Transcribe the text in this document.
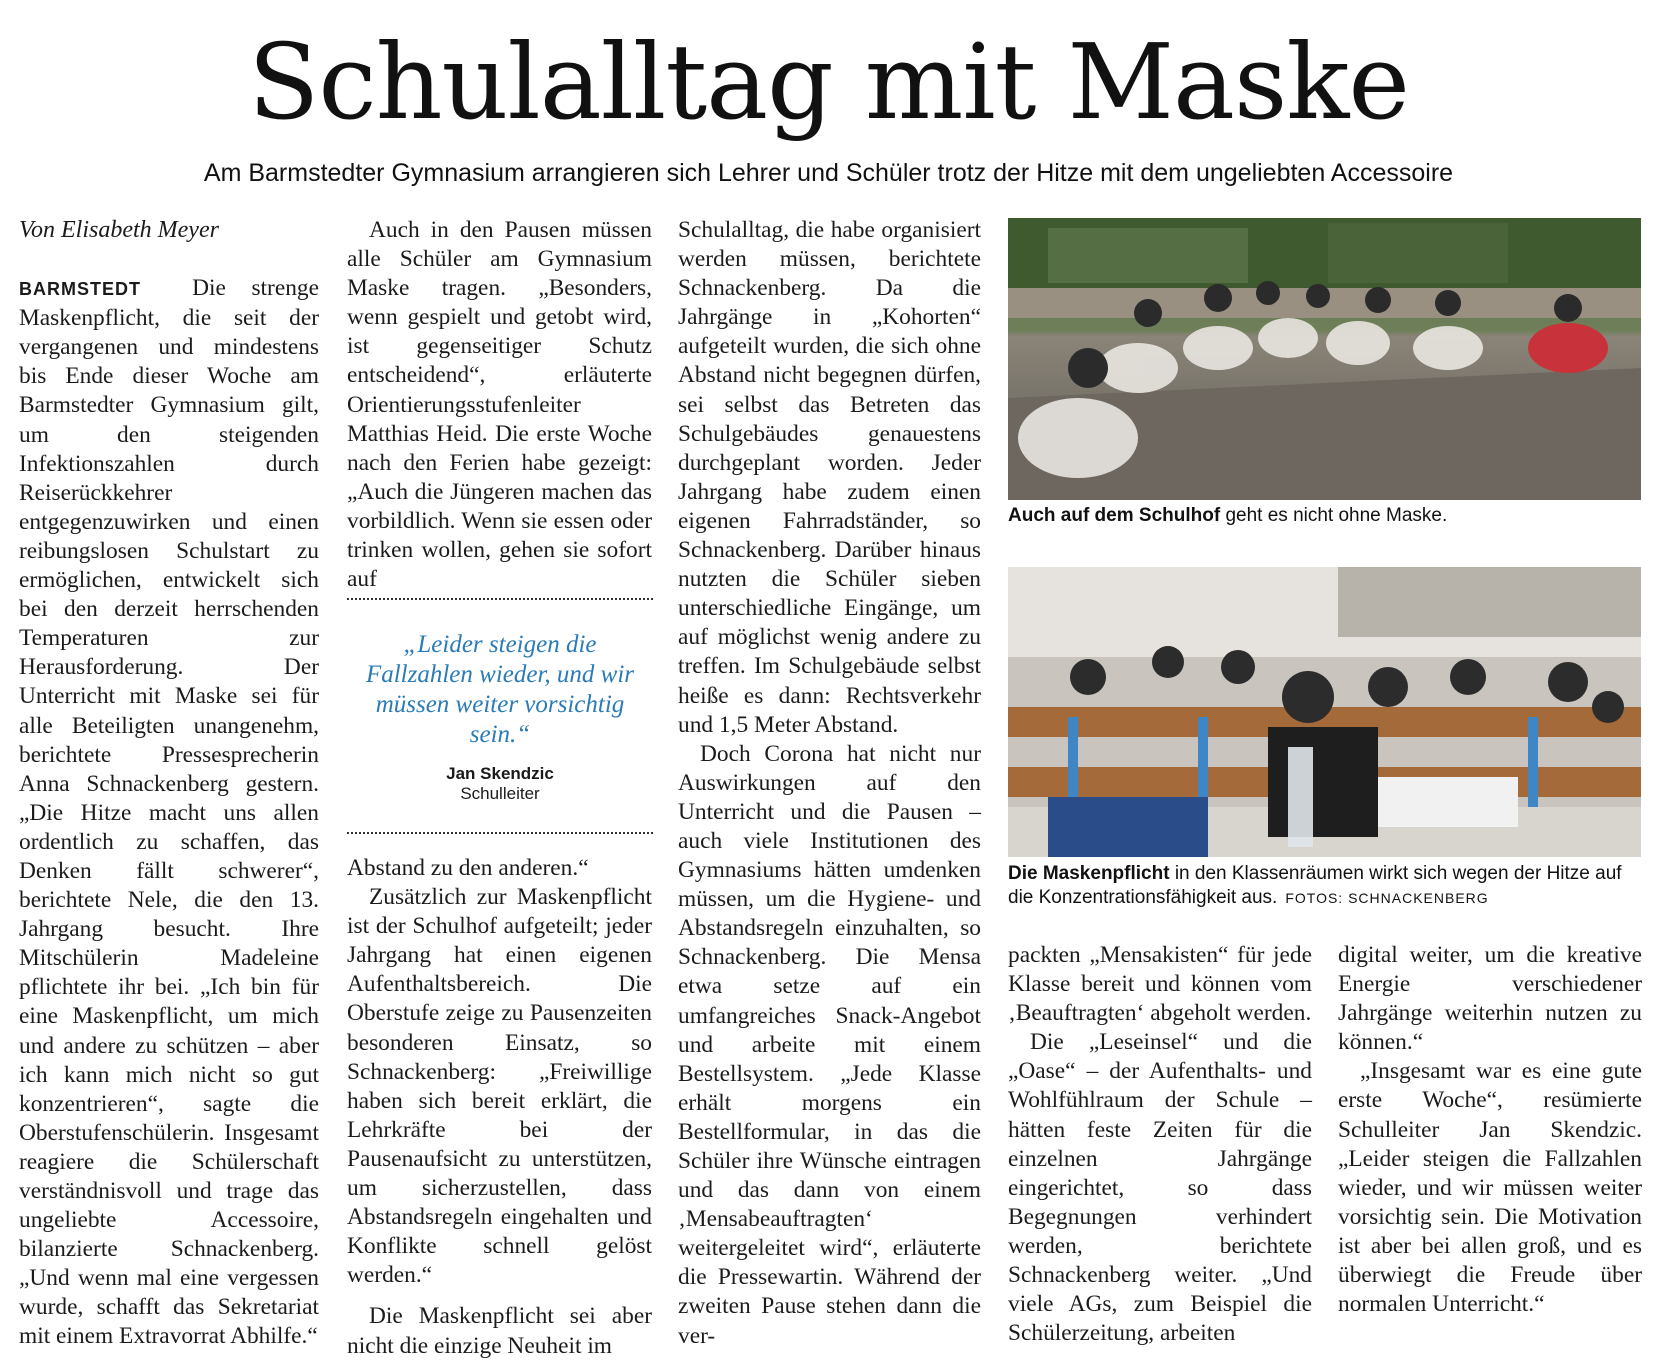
Schulalltag mit Maske
Am Barmstedter Gymnasium arrangieren sich Lehrer und Schüler trotz der Hitze mit dem ungeliebten Accessoire

Von Elisabeth Meyer

BARMSTEDT Die strenge Maskenpflicht, die seit der vergangenen und mindestens bis Ende dieser Woche am Barmstedter Gymnasium gilt, um den steigenden Infektionszahlen durch Reiserückkehrer entgegenzuwirken und einen reibungslosen Schulstart zu ermöglichen, entwickelt sich bei den derzeit herrschenden Temperaturen zur Herausforderung. Der Unterricht mit Maske sei für alle Beteiligten unangenehm, berichtete Pressesprecherin Anna Schnackenberg gestern. „Die Hitze macht uns allen ordentlich zu schaffen, das Denken fällt schwerer“, berichtete Nele, die den 13. Jahrgang besucht. Ihre Mitschülerin Madeleine pflichtete ihr bei. „Ich bin für eine Maskenpflicht, um mich und andere zu schützen – aber ich kann mich nicht so gut konzentrieren“, sagte die Oberstufenschülerin. Insgesamt reagiere die Schülerschaft verständnisvoll und trage das ungeliebte Accessoire, bilanzierte Schnackenberg. „Und wenn mal eine vergessen wurde, schafft das Sekretariat mit einem Extravorrat Abhilfe.“

Auch in den Pausen müssen alle Schüler am Gymnasium Maske tragen. „Besonders, wenn gespielt und getobt wird, ist gegenseitiger Schutz entscheidend“, erläuterte Orientierungsstufenleiter Matthias Heid. Die erste Woche nach den Ferien habe gezeigt: „Auch die Jüngeren machen das vorbildlich. Wenn sie essen oder trinken wollen, gehen sie sofort auf

„Leider steigen die Fallzahlen wieder, und wir müssen weiter vorsichtig sein.“
Jan Skendzic
Schulleiter

Abstand zu den anderen.“

Zusätzlich zur Maskenpflicht ist der Schulhof aufgeteilt; jeder Jahrgang hat einen eigenen Aufenthaltsbereich. Die Oberstufe zeige zu Pausenzeiten besonderen Einsatz, so Schnackenberg: „Freiwillige haben sich bereit erklärt, die Lehrkräfte bei der Pausenaufsicht zu unterstützen, um sicherzustellen, dass Abstandsregeln eingehalten und Konflikte schnell gelöst werden.“

Die Maskenpflicht sei aber nicht die einzige Neuheit im

Schulalltag, die habe organisiert werden müssen, berichtete Schnackenberg. Da die Jahrgänge in „Kohorten“ aufgeteilt wurden, die sich ohne Abstand nicht begegnen dürfen, sei selbst das Betreten das Schulgebäudes genauestens durchgeplant worden. Jeder Jahrgang habe zudem einen eigenen Fahrradständer, so Schnackenberg. Darüber hinaus nutzten die Schüler sieben unterschiedliche Eingänge, um auf möglichst wenig andere zu treffen. Im Schulgebäude selbst heiße es dann: Rechtsverkehr und 1,5 Meter Abstand.

Doch Corona hat nicht nur Auswirkungen auf den Unterricht und die Pausen – auch viele Institutionen des Gymnasiums hätten umdenken müssen, um die Hygiene- und Abstandsregeln einzuhalten, so Schnackenberg. Die Mensa etwa setze auf ein umfangreiches Snack-Angebot und arbeite mit einem Bestellsystem. „Jede Klasse erhält morgens ein Bestellformular, in das die Schüler ihre Wünsche eintragen und das dann von einem ‚Mensabeauftragten‘ weitergeleitet wird“, erläuterte die Pressewartin. Während der zweiten Pause stehen dann die ver-

Auch auf dem Schulhof geht es nicht ohne Maske.
Die Maskenpflicht in den Klassenräumen wirkt sich wegen der Hitze auf die Konzentrationsfähigkeit aus. FOTOS: SCHNACKENBERG

packten „Mensakisten“ für jede Klasse bereit und können vom ‚Beauftragten‘ abgeholt werden.

Die „Leseinsel“ und die „Oase“ – der Aufenthalts- und Wohlfühlraum der Schule – hätten feste Zeiten für die einzelnen Jahrgänge eingerichtet, so dass Begegnungen verhindert werden, berichtete Schnackenberg weiter. „Und viele AGs, zum Beispiel die Schülerzeitung, arbeiten

digital weiter, um die kreative Energie verschiedener Jahrgänge weiterhin nutzen zu können.“

„Insgesamt war es eine gute erste Woche“, resümierte Schulleiter Jan Skendzic. „Leider steigen die Fallzahlen wieder, und wir müssen weiter vorsichtig sein. Die Motivation ist aber bei allen groß, und es überwiegt die Freude über normalen Unterricht.“
